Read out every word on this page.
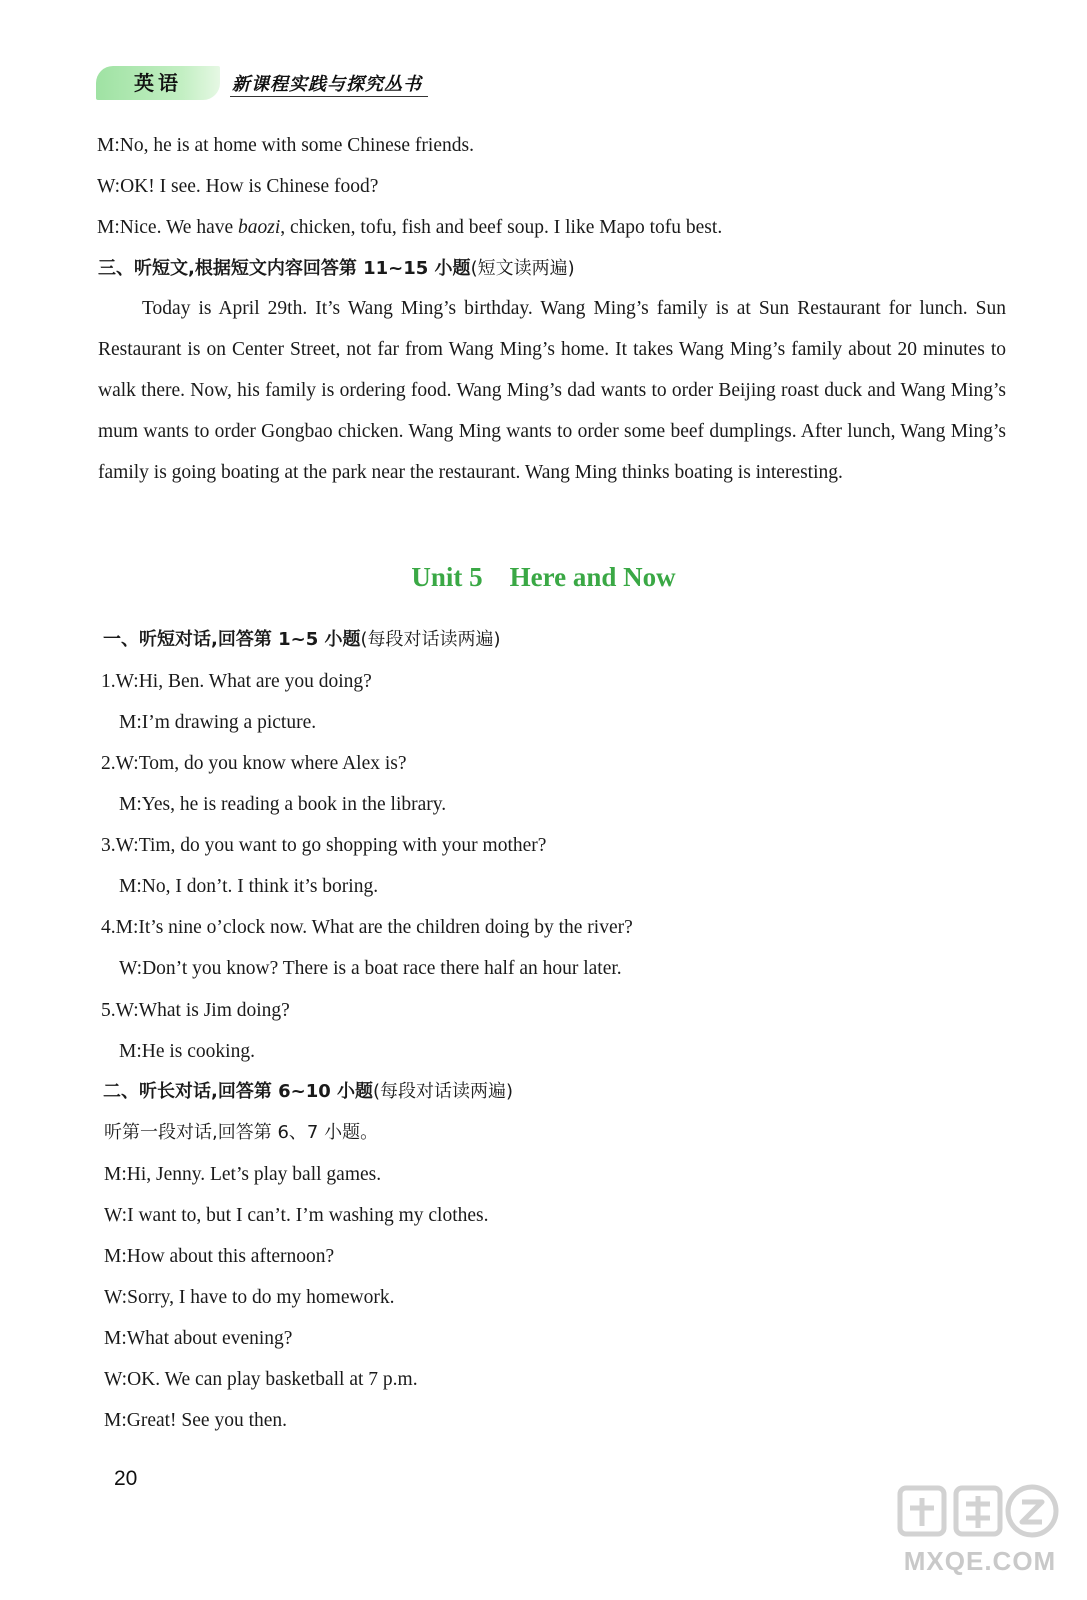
英语	新课程实践与探究丛书
M:No, he is at home with some Chinese friends.
W:OK! I see. How is Chinese food?
M:Nice. We have baozi, chicken, tofu, fish and beef soup. I like Mapo tofu best.
三、听短文,根据短文内容回答第 11~15 小题(短文读两遍)
Today is April 29th. It’s Wang Ming’s birthday. Wang Ming’s family is at Sun Restaurant for lunch. Sun Restaurant is on Center Street, not far from Wang Ming’s home. It takes Wang Ming’s family about 20 minutes to walk there. Now, his family is ordering food. Wang Ming’s dad wants to order Beijing roast duck and Wang Ming’s mum wants to order Gongbao chicken. Wang Ming wants to order some beef dumplings. After lunch, Wang Ming’s family is going boating at the park near the restaurant. Wang Ming thinks boating is interesting.
Unit 5    Here and Now
一、听短对话,回答第 1~5 小题(每段对话读两遍)
1.W:Hi, Ben. What are you doing?
M:I’m drawing a picture.
2.W:Tom, do you know where Alex is?
M:Yes, he is reading a book in the library.
3.W:Tim, do you want to go shopping with your mother?
M:No, I don’t. I think it’s boring.
4.M:It’s nine o’clock now. What are the children doing by the river?
W:Don’t you know? There is a boat race there half an hour later.
5.W:What is Jim doing?
M:He is cooking.
二、听长对话,回答第 6~10 小题(每段对话读两遍)
听第一段对话,回答第 6、7 小题。
M:Hi, Jenny. Let’s play ball games.
W:I want to, but I can’t. I’m washing my clothes.
M:How about this afternoon?
W:Sorry, I have to do my homework.
M:What about evening?
W:OK. We can play basketball at 7 p.m.
M:Great! See you then.
20
MXQE.COM
